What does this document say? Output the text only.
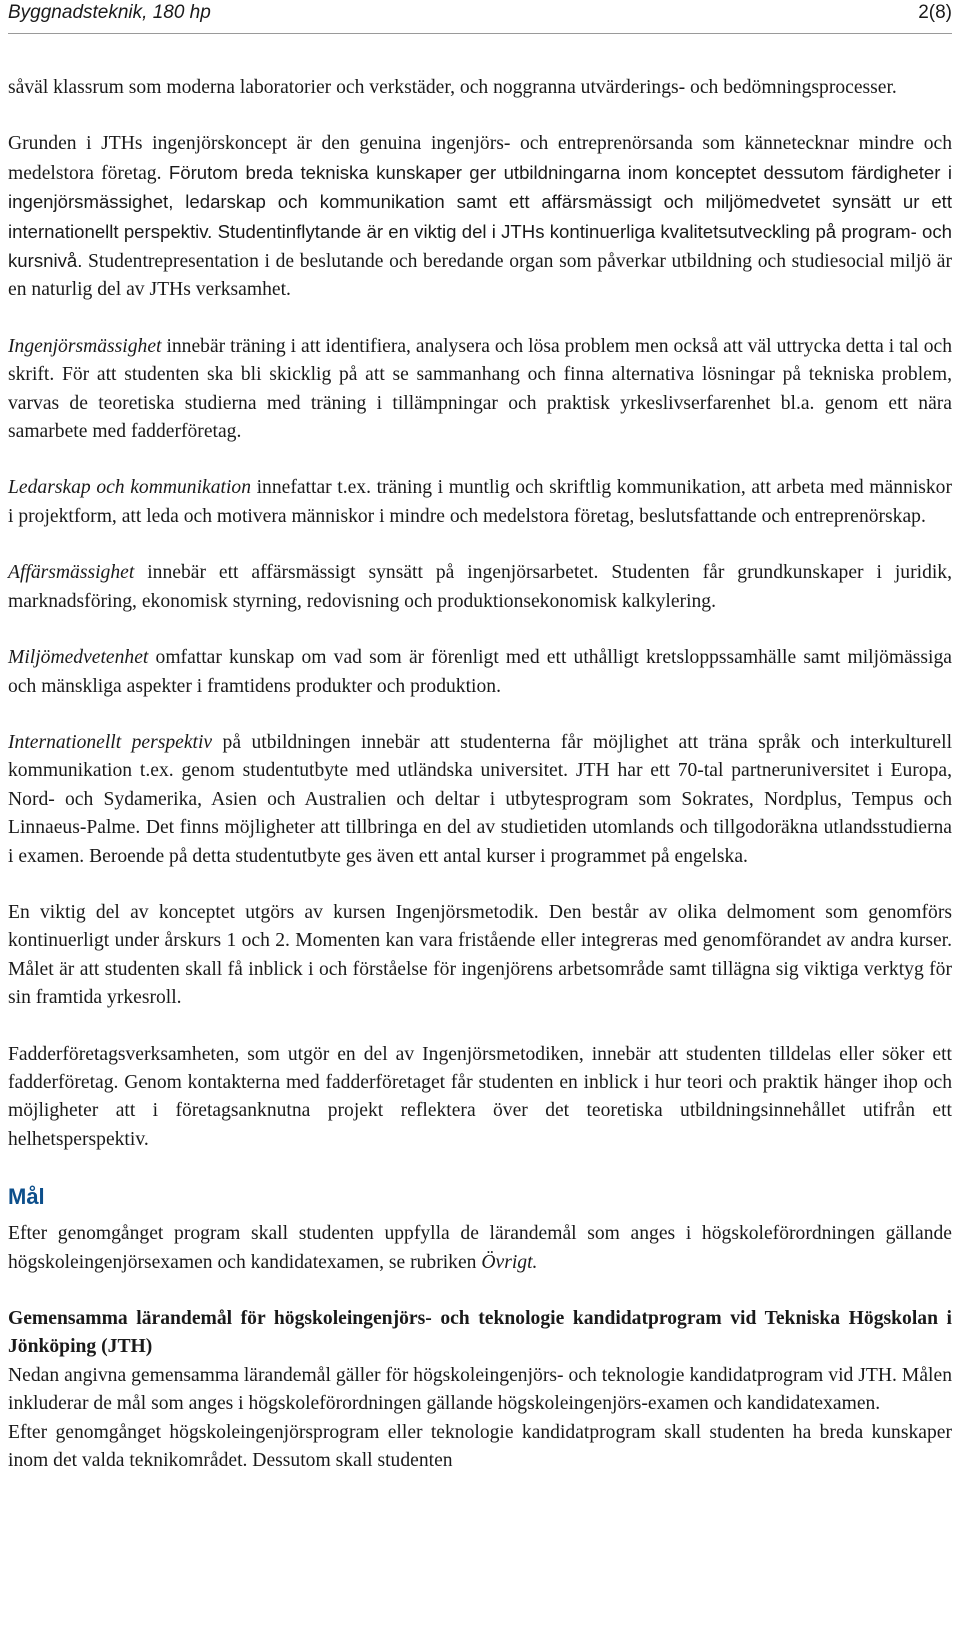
Byggnadsteknik, 180 hp	2(8)

såväl klassrum som moderna laboratorier och verkstäder, och noggranna utvärderings- och bedömningsprocesser.

Grunden i JTHs ingenjörskoncept är den genuina ingenjörs- och entreprenörsanda som kännetecknar mindre och medelstora företag. Förutom breda tekniska kunskaper ger utbildningarna inom konceptet dessutom färdigheter i ingenjörsmässighet, ledarskap och kommunikation samt ett affärsmässigt och miljömedvetet synsätt ur ett internationellt perspektiv. Studentinflytande är en viktig del i JTHs kontinuerliga kvalitetsutveckling på program- och kursnivå. Studentrepresentation i de beslutande och beredande organ som påverkar utbildning och studiesocial miljö är en naturlig del av JTHs verksamhet.

Ingenjörsmässighet innebär träning i att identifiera, analysera och lösa problem men också att väl uttrycka detta i tal och skrift. För att studenten ska bli skicklig på att se sammanhang och finna alternativa lösningar på tekniska problem, varvas de teoretiska studierna med träning i tillämpningar och praktisk yrkeslivserfarenhet bl.a. genom ett nära samarbete med fadderföretag.

Ledarskap och kommunikation innefattar t.ex. träning i muntlig och skriftlig kommunikation, att arbeta med människor i projektform, att leda och motivera människor i mindre och medelstora företag, beslutsfattande och entreprenörskap.

Affärsmässighet innebär ett affärsmässigt synsätt på ingenjörsarbetet. Studenten får grundkunskaper i juridik, marknadsföring, ekonomisk styrning, redovisning och produktionsekonomisk kalkylering.

Miljömedvetenhet omfattar kunskap om vad som är förenligt med ett uthålligt kretsloppssamhälle samt miljömässiga och mänskliga aspekter i framtidens produkter och produktion.

Internationellt perspektiv på utbildningen innebär att studenterna får möjlighet att träna språk och interkulturell kommunikation t.ex. genom studentutbyte med utländska universitet. JTH har ett 70-tal partneruniversitet i Europa, Nord- och Sydamerika, Asien och Australien och deltar i utbytesprogram som Sokrates, Nordplus, Tempus och Linnaeus-Palme. Det finns möjligheter att tillbringa en del av studietiden utomlands och tillgodoräkna utlandsstudierna i examen. Beroende på detta studentutbyte ges även ett antal kurser i programmet på engelska.

En viktig del av konceptet utgörs av kursen Ingenjörsmetodik. Den består av olika delmoment som genomförs kontinuerligt under årskurs 1 och 2. Momenten kan vara fristående eller integreras med genomförandet av andra kurser. Målet är att studenten skall få inblick i och förståelse för ingenjörens arbetsområde samt tillägna sig viktiga verktyg för sin framtida yrkesroll.

Fadderföretagsverksamheten, som utgör en del av Ingenjörsmetodiken, innebär att studenten tilldelas eller söker ett fadderföretag. Genom kontakterna med fadderföretaget får studenten en inblick i hur teori och praktik hänger ihop och möjligheter att i företagsanknutna projekt reflektera över det teoretiska utbildningsinnehållet utifrån ett helhetsperspektiv.

Mål

Efter genomgånget program skall studenten uppfylla de lärandemål som anges i högskoleförordningen gällande högskoleingenjörsexamen och kandidatexamen, se rubriken Övrigt.

Gemensamma lärandemål för högskoleingenjörs- och teknologie kandidatprogram vid Tekniska Högskolan i Jönköping (JTH)

Nedan angivna gemensamma lärandemål gäller för högskoleingenjörs- och teknologie kandidatprogram vid JTH. Målen inkluderar de mål som anges i högskoleförordningen gällande högskoleingenjörs-examen och kandidatexamen.

Efter genomgånget högskoleingenjörsprogram eller teknologie kandidatprogram skall studenten ha breda kunskaper inom det valda teknikområdet. Dessutom skall studenten
